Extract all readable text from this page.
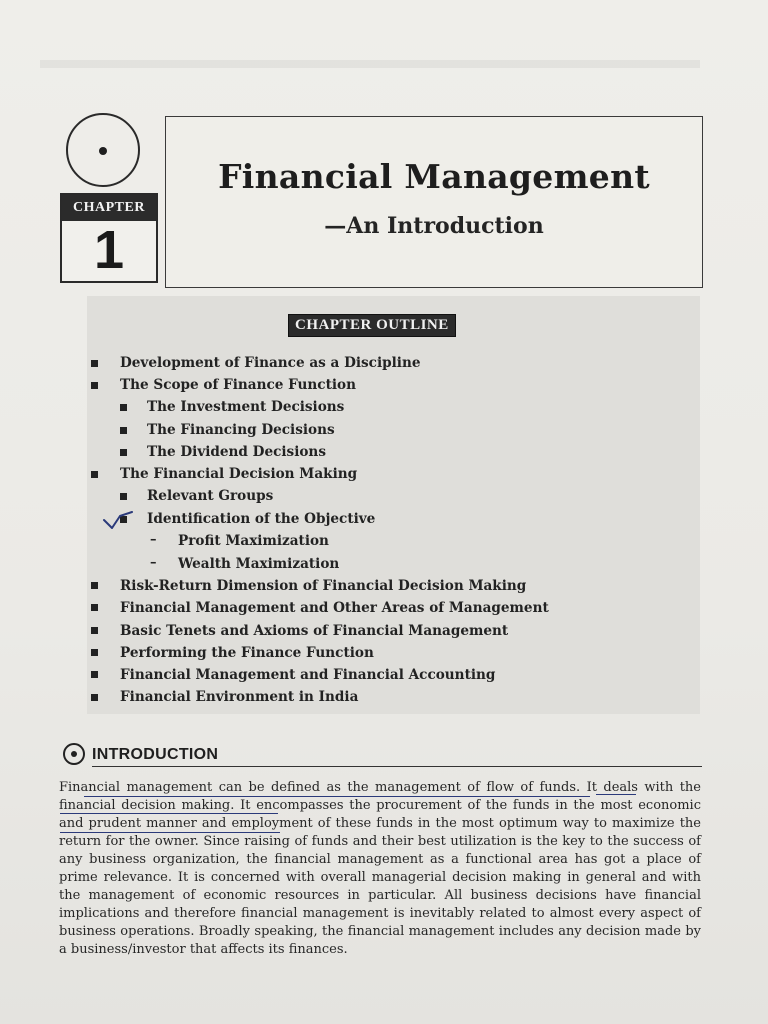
CHAPTER
1
Financial Management
—An Introduction
CHAPTER OUTLINE
Development of Finance as a Discipline
The Scope of Finance Function
The Investment Decisions
The Financing Decisions
The Dividend Decisions
The Financial Decision Making
Relevant Groups
Identification of the Objective
– Profit Maximization
– Wealth Maximization
Risk-Return Dimension of Financial Decision Making
Financial Management and Other Areas of Management
Basic Tenets and Axioms of Financial Management
Performing the Finance Function
Financial Management and Financial Accounting
Financial Environment in India
INTRODUCTION
Financial management can be defined as the management of flow of funds. It deals with the financial decision making. It encompasses the procurement of the funds in the most economic and prudent manner and employment of these funds in the most optimum way to maximize the return for the owner. Since raising of funds and their best utilization is the key to the success of any business organization, the financial management as a functional area has got a place of prime relevance. It is concerned with overall managerial decision making in general and with the management of economic resources in particular. All business decisions have financial implications and therefore financial management is inevitably related to almost every aspect of business operations. Broadly speaking, the financial management includes any decision made by a business/investor that affects its finances.
